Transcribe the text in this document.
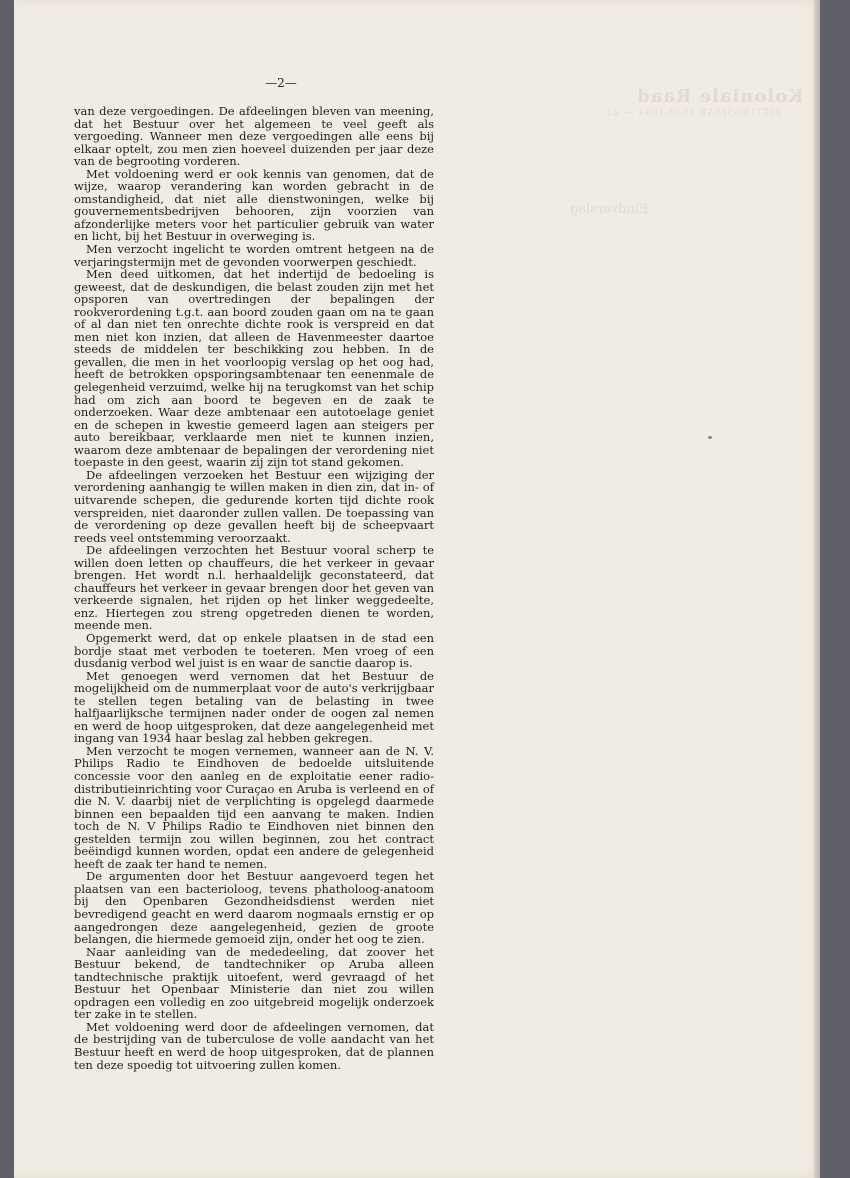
Koloniale Raad
ZITTINGSJAAR 1933-1934 — 23
Eindverslag
—2—

van deze vergoedingen. De afdeelingen bleven van meening, dat het Bestuur over het algemeen te veel geeft als vergoeding. Wanneer men deze vergoedingen alle eens bij elkaar optelt, zou men zien hoeveel duizenden per jaar deze van de begrooting vorderen.

Met voldoening werd er ook kennis van genomen, dat de wijze, waarop verandering kan worden gebracht in de omstandigheid, dat niet alle dienstwoningen, welke bij gouvernementsbedrijven behooren, zijn voorzien van afzonderlijke meters voor het particulier gebruik van water en licht, bij het Bestuur in overweging is.

Men verzocht ingelicht te worden omtrent hetgeen na de verjaringstermijn met de gevonden voorwerpen geschiedt.

Men deed uitkomen, dat het indertijd de bedoeling is geweest, dat de deskundigen, die belast zouden zijn met het opsporen van overtredingen der bepalingen der rookverordening t.g.t. aan boord zouden gaan om na te gaan of al dan niet ten onrechte dichte rook is verspreid en dat men niet kon inzien, dat alleen de Havenmeester daartoe steeds de middelen ter beschikking zou hebben. In de gevallen, die men in het voorloopig verslag op het oog had, heeft de betrokken opsporingsambtenaar ten eenenmale de gelegenheid verzuimd, welke hij na terugkomst van het schip had om zich aan boord te begeven en de zaak te onderzoeken. Waar deze ambtenaar een autotoelage geniet en de schepen in kwestie gemeerd lagen aan steigers per auto bereikbaar, verklaarde men niet te kunnen inzien, waarom deze ambtenaar de bepalingen der verordening niet toepaste in den geest, waarin zij zijn tot stand gekomen.

De afdeelingen verzoeken het Bestuur een wijziging der verordening aanhangig te willen maken in dien zin, dat in- of uitvarende schepen, die gedurende korten tijd dichte rook verspreiden, niet daaronder zullen vallen. De toepassing van de verordening op deze gevallen heeft bij de scheepvaart reeds veel ontstemming veroorzaakt.

De afdeelingen verzochten het Bestuur vooral scherp te willen doen letten op chauffeurs, die het verkeer in gevaar brengen. Het wordt n.l. herhaaldelijk geconstateerd, dat chauffeurs het verkeer in gevaar brengen door het geven van verkeerde signalen, het rijden op het linker weggedeelte, enz. Hiertegen zou streng opgetreden dienen te worden, meende men.

Opgemerkt werd, dat op enkele plaatsen in de stad een bordje staat met verboden te toeteren. Men vroeg of een dusdanig verbod wel juist is en waar de sanctie daarop is.

Met genoegen werd vernomen dat het Bestuur de mogelijkheid om de nummerplaat voor de auto's verkrijgbaar te stellen tegen betaling van de belasting in twee halfjaarlijksche termijnen nader onder de oogen zal nemen en werd de hoop uitgesproken, dat deze aangelegenheid met ingang van 1934 haar beslag zal hebben gekregen.

Men verzocht te mogen vernemen, wanneer aan de N. V. Philips Radio te Eindhoven de bedoelde uitsluitende concessie voor den aanleg en de exploitatie eener radio-distributieinrichting voor Curaçao en Aruba is verleend en of die N. V. daarbij niet de verplichting is opgelegd daarmede binnen een bepaalden tijd een aanvang te maken. Indien toch de N. V Philips Radio te Eindhoven niet binnen den gestelden termijn zou willen beginnen, zou het contract beëindigd kunnen worden, opdat een andere de gelegenheid heeft de zaak ter hand te nemen.

De argumenten door het Bestuur aangevoerd tegen het plaatsen van een bacterioloog, tevens phatholoog-anatoom bij den Openbaren Gezondheidsdienst werden niet bevredigend geacht en werd daarom nogmaals ernstig er op aangedrongen deze aangelegenheid, gezien de groote belangen, die hiermede gemoeid zijn, onder het oog te zien.

Naar aanleiding van de mededeeling, dat zoover het Bestuur bekend, de tandtechniker op Aruba alleen tandtechnische praktijk uitoefent, werd gevraagd of het Bestuur het Openbaar Ministerie dan niet zou willen opdragen een volledig en zoo uitgebreid mogelijk onderzoek ter zake in te stellen.

Met voldoening werd door de afdeelingen vernomen, dat de bestrijding van de tuberculose de volle aandacht van het Bestuur heeft en werd de hoop uitgesproken, dat de plannen ten deze spoedig tot uitvoering zullen komen.
